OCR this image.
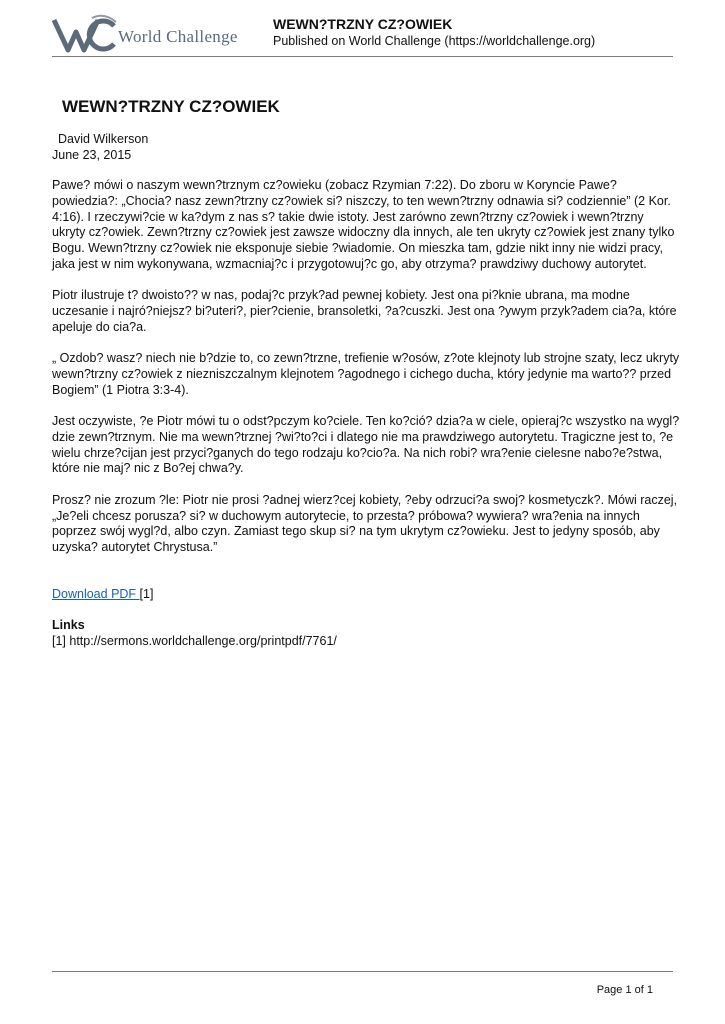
World Challenge
WEWN?TRZNY CZ?OWIEK
Published on World Challenge (https://worldchallenge.org)
WEWN?TRZNY CZ?OWIEK
David Wilkerson
June 23, 2015

Pawe? mówi o naszym wewn?trznym cz?owieku (zobacz Rzymian 7:22). Do zboru w Koryncie Pawe? powiedzia?: „Chocia? nasz zewn?trzny cz?owiek si? niszczy, to ten wewn?trzny odnawia si? codziennie” (2 Kor. 4:16). I rzeczywi?cie w ka?dym z nas s? takie dwie istoty. Jest zarówno zewn?trzny cz?owiek i wewn?trzny ukryty cz?owiek. Zewn?trzny cz?owiek jest zawsze widoczny dla innych, ale ten ukryty cz?owiek jest znany tylko Bogu. Wewn?trzny cz?owiek nie eksponuje siebie ?wiadomie. On mieszka tam, gdzie nikt inny nie widzi pracy, jaka jest w nim wykonywana, wzmacniaj?c i przygotowuj?c go, aby otrzyma? prawdziwy duchowy autorytet.

Piotr ilustruje t? dwoisto?? w nas, podaj?c przyk?ad pewnej kobiety. Jest ona pi?knie ubrana, ma modne uczesanie i najró?niejsz? bi?uteri?, pier?cienie, bransoletki, ?a?cuszki. Jest ona ?ywym przyk?adem cia?a, które apeluje do cia?a.

„ Ozdob? wasz? niech nie b?dzie to, co zewn?trzne, trefienie w?osów, z?ote klejnoty lub strojne szaty, lecz ukryty wewn?trzny cz?owiek z niezniszczalnym klejnotem ?agodnego i cichego ducha, który jedynie ma warto?? przed Bogiem” (1 Piotra 3:3-4).

Jest oczywiste, ?e Piotr mówi tu o odst?pczym ko?ciele. Ten ko?ció? dzia?a w ciele, opieraj?c wszystko na wygl?dzie zewn?trznym. Nie ma wewn?trznej ?wi?to?ci i dlatego nie ma prawdziwego autorytetu. Tragiczne jest to, ?e wielu chrze?cijan jest przyci?ganych do tego rodzaju ko?cio?a. Na nich robi? wra?enie cielesne nabo?e?stwa, które nie maj? nic z Bo?ej chwa?y.

Prosz? nie zrozum ?le: Piotr nie prosi ?adnej wierz?cej kobiety, ?eby odrzuci?a swoj? kosmetyczk?. Mówi raczej, „Je?eli chcesz porusza? si? w duchowym autorytecie, to przesta? próbowa? wywiera? wra?enia na innych poprzez swój wygl?d, albo czyn. Zamiast tego skup si? na tym ukrytym cz?owieku. Jest to jedyny sposób, aby uzyska? autorytet Chrystusa.”

Download PDF [1]
Links
[1] http://sermons.worldchallenge.org/printpdf/7761/
Page 1 of 1
